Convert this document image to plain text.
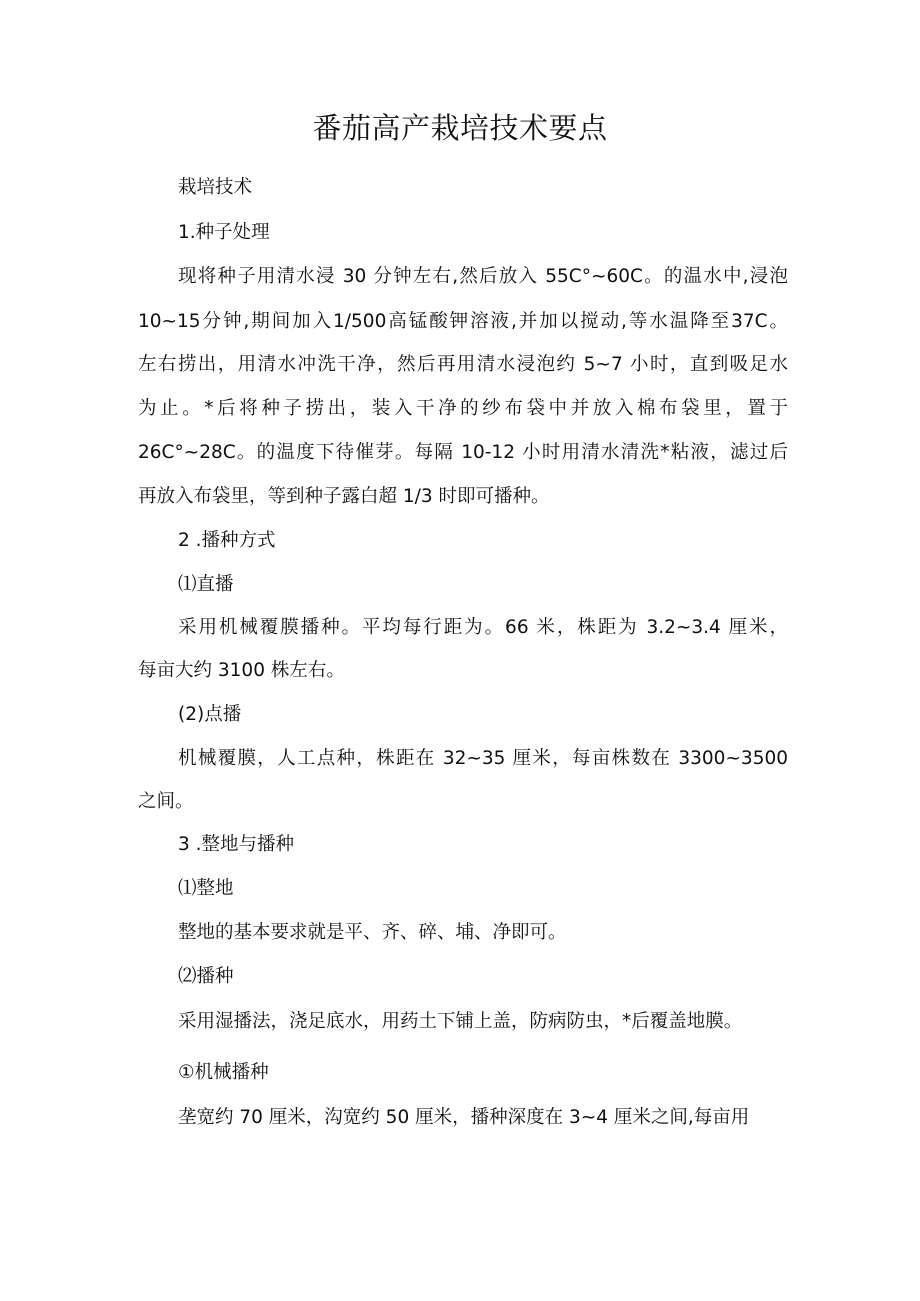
番茄高产栽培技术要点
栽培技术
1.种子处理
现将种子用清水浸 30 分钟左右,然后放入 55C°~60C。的温水中,浸泡
10~15分钟,期间加入1/500高锰酸钾溶液,并加以搅动,等水温降至37C。
左右捞出，用清水冲洗干净，然后再用清水浸泡约 5~7 小时，直到吸足水
为止。*后将种子捞出，装入干净的纱布袋中并放入棉布袋里，置于
26C°~28C。的温度下待催芽。每隔 10-12 小时用清水清洗*粘液，滤过后
再放入布袋里，等到种子露白超 1/3 时即可播种。
2 .播种方式
⑴直播
采用机械覆膜播种。平均每行距为。66 米，株距为 3.2~3.4 厘米，
每亩大约 3100 株左右。
(2)点播
机械覆膜，人工点种，株距在 32~35 厘米，每亩株数在 3300~3500
之间。
3 .整地与播种
⑴整地
整地的基本要求就是平、齐、碎、埔、净即可。
⑵播种
采用湿播法，浇足底水，用药土下铺上盖，防病防虫，*后覆盖地膜。
①机械播种
垄宽约 70 厘米，沟宽约 50 厘米，播种深度在 3~4 厘米之间,每亩用
